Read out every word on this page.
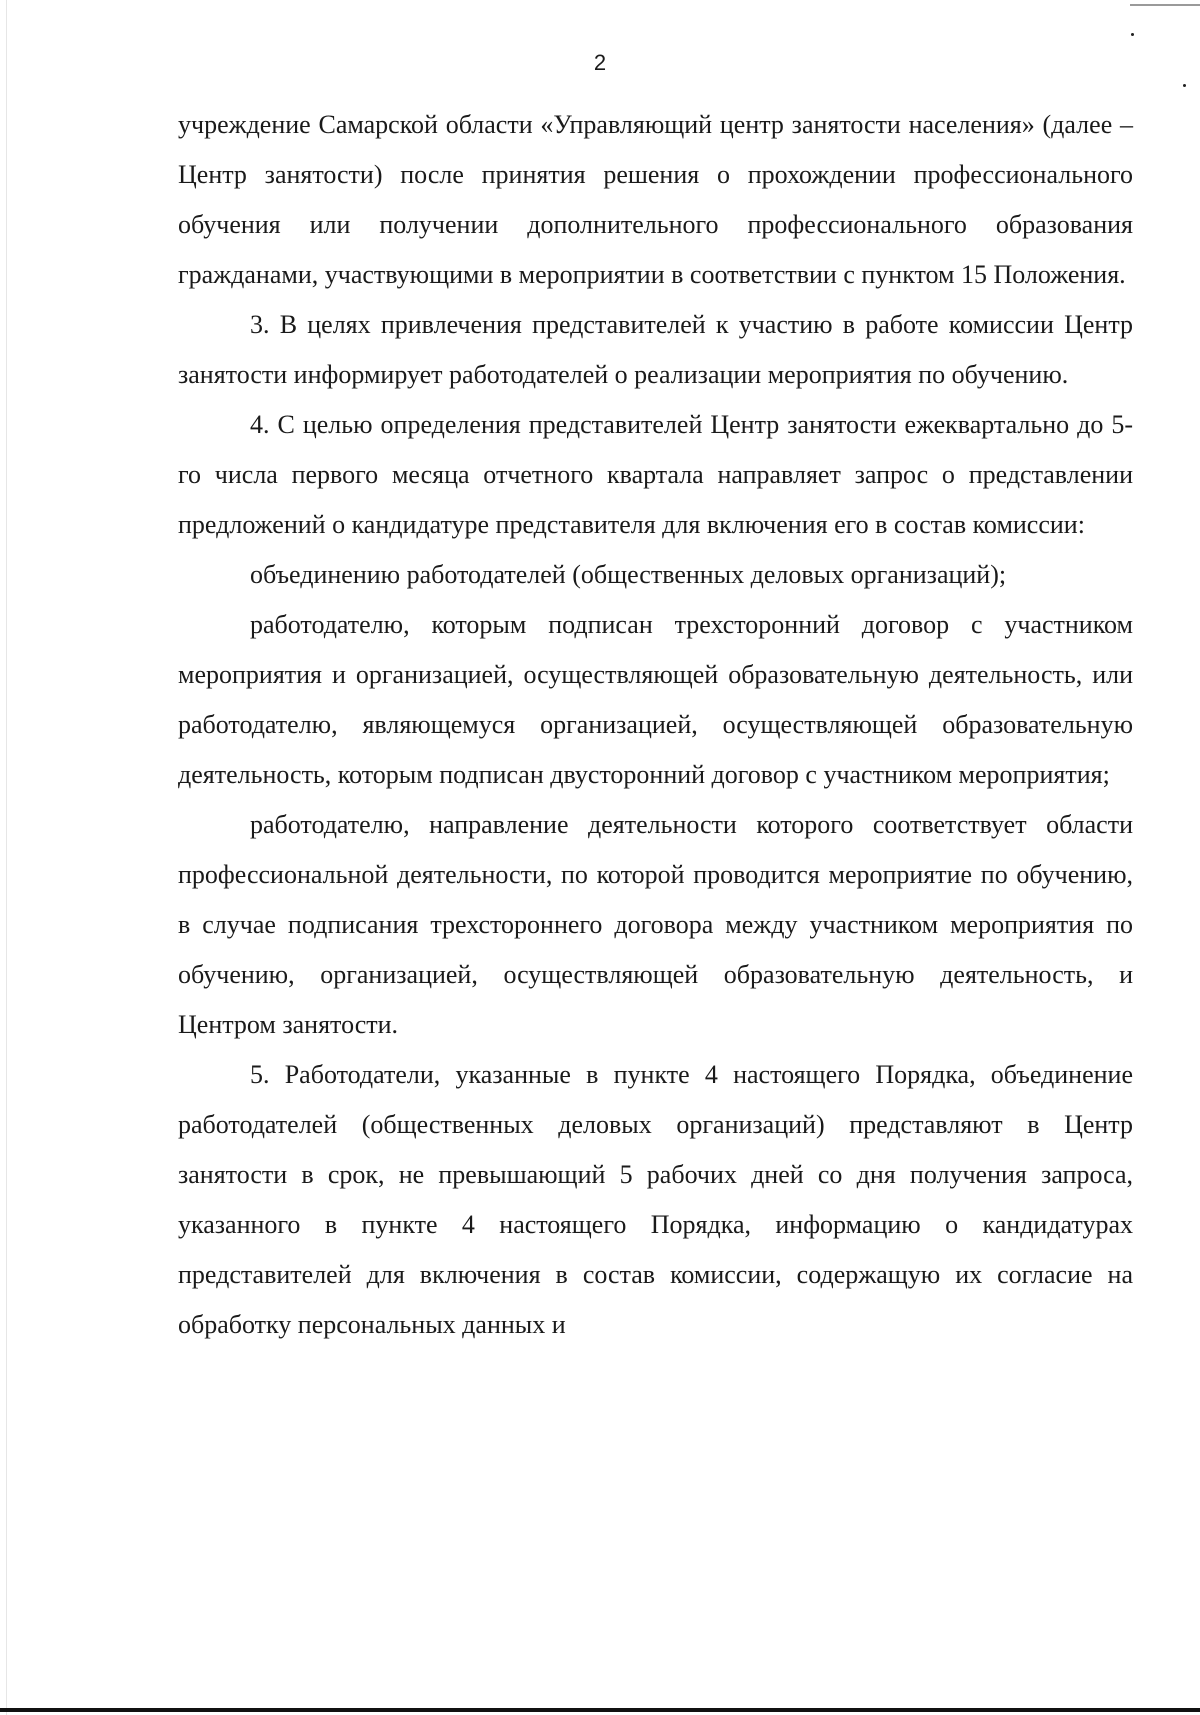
2

учреждение Самарской области «Управляющий центр занятости населения» (далее – Центр занятости) после принятия решения о прохождении профессионального обучения или получении дополнительного профессионального образования гражданами, участвующими в мероприятии в соответствии с пунктом 15 Положения.

3. В целях привлечения представителей к участию в работе комиссии Центр занятости информирует работодателей о реализации мероприятия по обучению.

4. С целью определения представителей Центр занятости ежеквартально до 5-го числа первого месяца отчетного квартала направляет запрос о представлении предложений о кандидатуре представителя для включения его в состав комиссии:

объединению работодателей (общественных деловых организаций);

работодателю, которым подписан трехсторонний договор с участником мероприятия и организацией, осуществляющей образовательную деятельность, или работодателю, являющемуся организацией, осуществляющей образовательную деятельность, которым подписан двусторонний договор с участником мероприятия;

работодателю, направление деятельности которого соответствует области профессиональной деятельности, по которой проводится мероприятие по обучению, в случае подписания трехстороннего договора между участником мероприятия по обучению, организацией, осуществляющей образовательную деятельность, и Центром занятости.

5. Работодатели, указанные в пункте 4 настоящего Порядка, объединение работодателей (общественных деловых организаций) представляют в Центр занятости в срок, не превышающий 5 рабочих дней со дня получения запроса, указанного в пункте 4 настоящего Порядка, информацию о кандидатурах представителей для включения в состав комиссии, содержащую их согласие на обработку персональных данных и
